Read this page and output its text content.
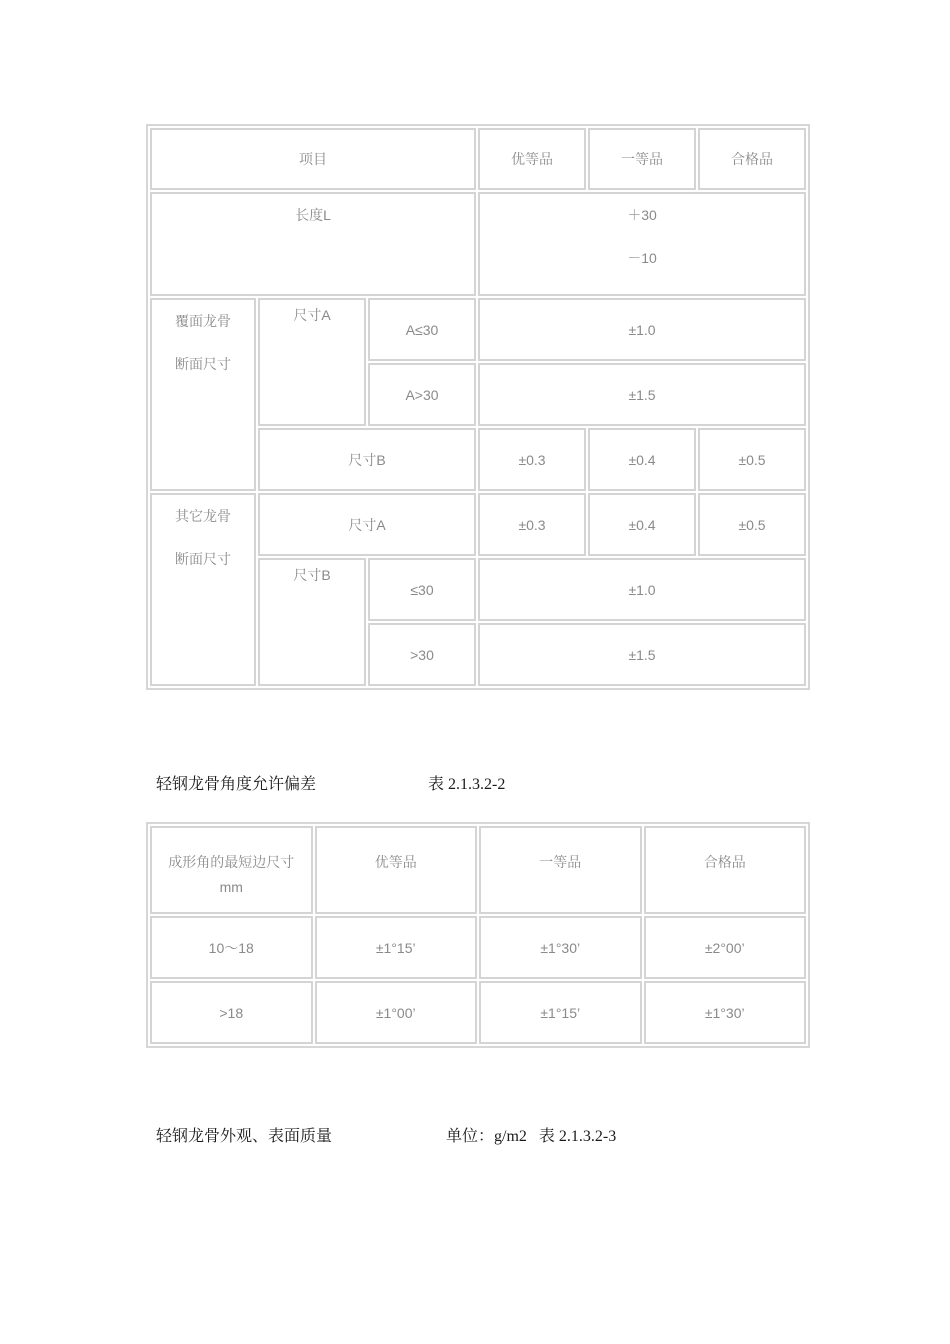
项目			优等品	一等品	合格品
长度L			＋30
－10		

覆面龙骨
断面尺寸	尺寸A	A≤30	±1.0		
		A>30	±1.5		
	尺寸B		±0.3	±0.4	±0.5

其它龙骨
断面尺寸	尺寸A		±0.3	±0.4	±0.5
	尺寸B	≤30	±1.0		
		>30	±1.5		
轻钢龙骨角度允许偏差	表 2.1.3.2-2
成形角的最短边尺寸
mm	优等品	一等品	合格品
10～18	±1°15’	±1°30’	±2°00’
>18	±1°00’	±1°15’	±1°30’
轻钢龙骨外观、表面质量	单位：g/m2   表 2.1.3.2-3
